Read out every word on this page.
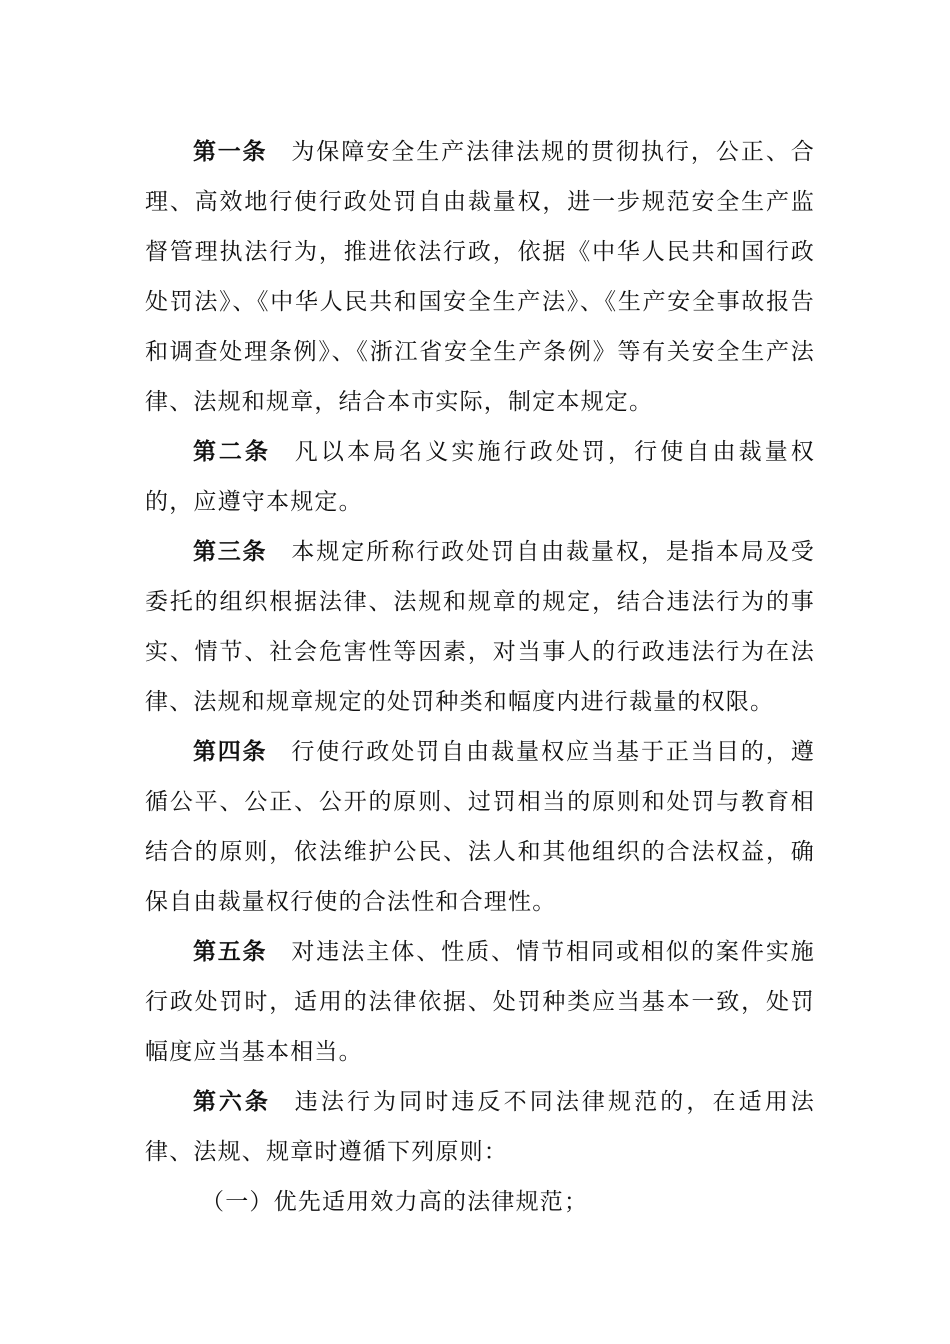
第一条 为保障安全生产法律法规的贯彻执行，公正、合理、高效地行使行政处罚自由裁量权，进一步规范安全生产监督管理执法行为，推进依法行政，依据《中华人民共和国行政处罚法》、《中华人民共和国安全生产法》、《生产安全事故报告和调查处理条例》、《浙江省安全生产条例》等有关安全生产法律、法规和规章，结合本市实际，制定本规定。

第二条 凡以本局名义实施行政处罚，行使自由裁量权的，应遵守本规定。

第三条 本规定所称行政处罚自由裁量权，是指本局及受委托的组织根据法律、法规和规章的规定，结合违法行为的事实、情节、社会危害性等因素，对当事人的行政违法行为在法律、法规和规章规定的处罚种类和幅度内进行裁量的权限。

第四条 行使行政处罚自由裁量权应当基于正当目的，遵循公平、公正、公开的原则、过罚相当的原则和处罚与教育相结合的原则，依法维护公民、法人和其他组织的合法权益，确保自由裁量权行使的合法性和合理性。

第五条 对违法主体、性质、情节相同或相似的案件实施行政处罚时，适用的法律依据、处罚种类应当基本一致，处罚幅度应当基本相当。

第六条 违法行为同时违反不同法律规范的，在适用法律、法规、规章时遵循下列原则：

（一）优先适用效力高的法律规范；
